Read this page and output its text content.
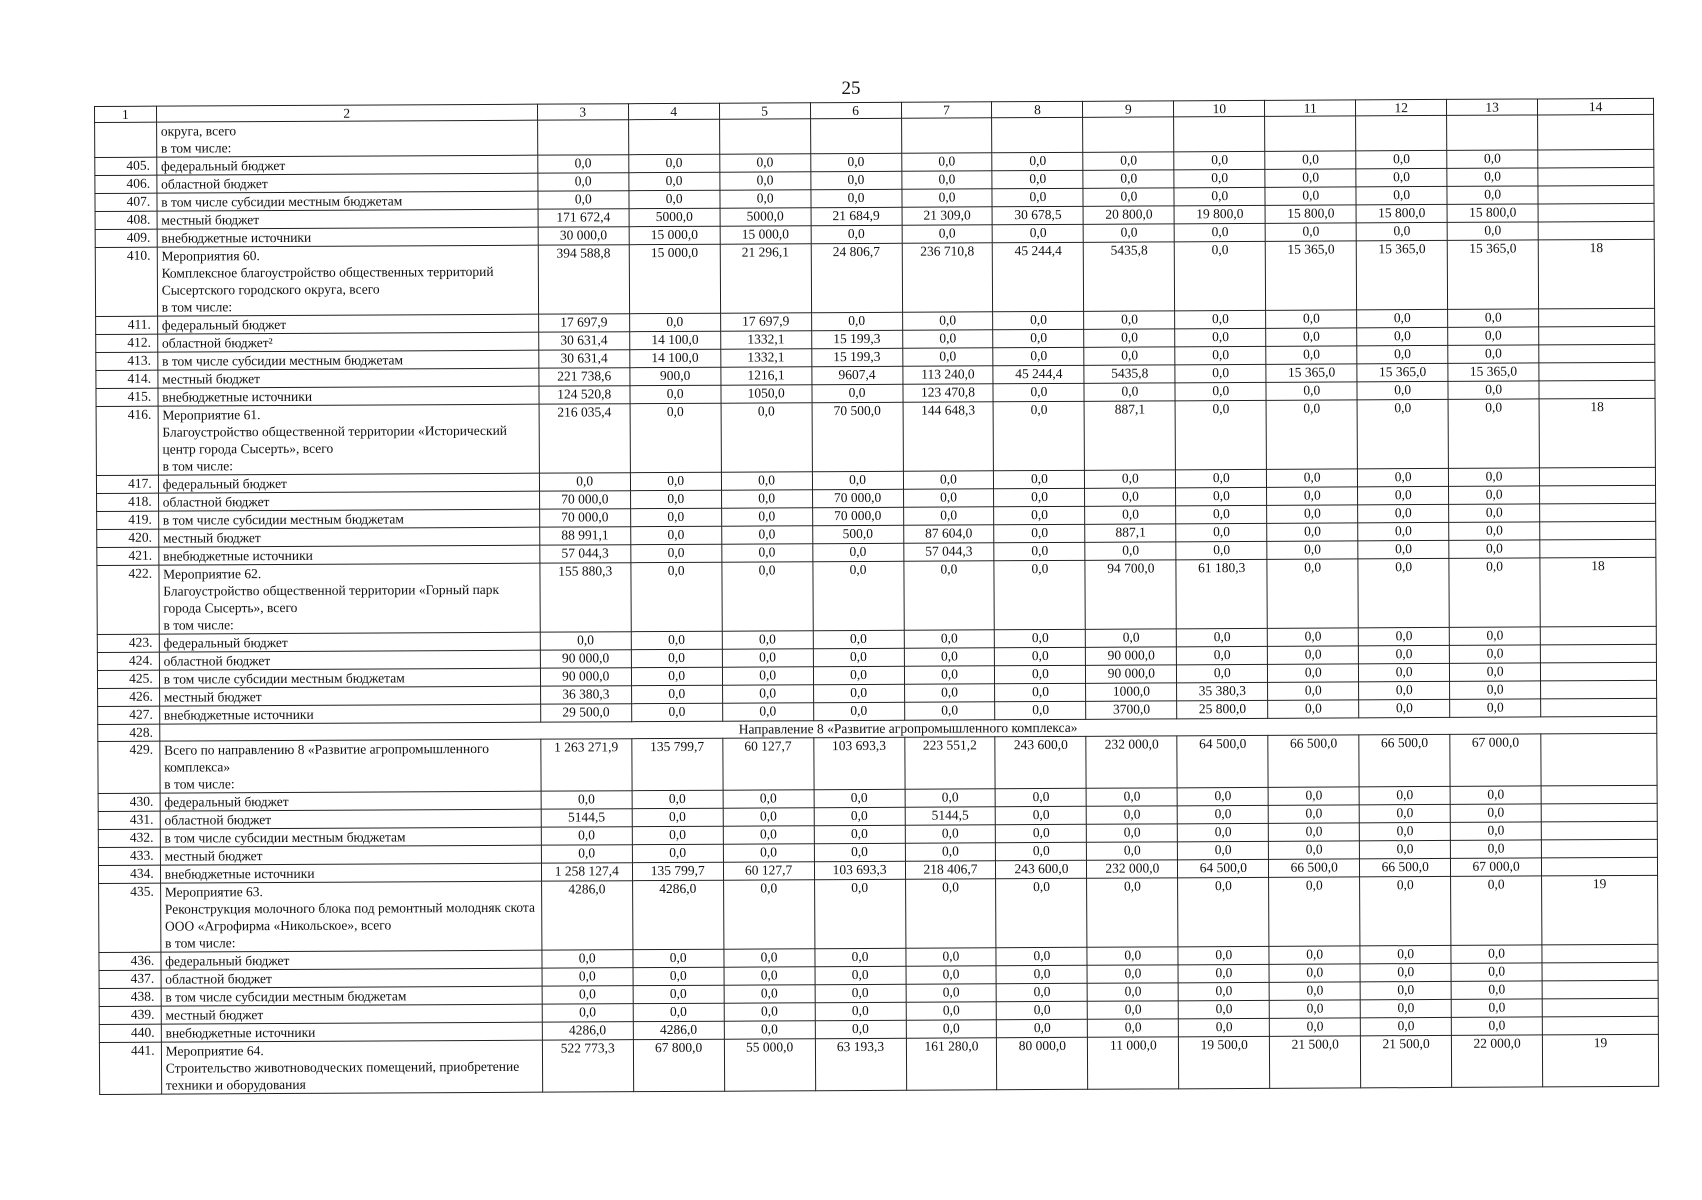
25
1	2	3	4	5	6	7	8	9	10	11	12	13	14
	округа, всего
в том числе:												
405.	федеральный бюджет	0,0	0,0	0,0	0,0	0,0	0,0	0,0	0,0	0,0	0,0	0,0	
406.	областной бюджет	0,0	0,0	0,0	0,0	0,0	0,0	0,0	0,0	0,0	0,0	0,0	
407.	в том числе субсидии местным бюджетам	0,0	0,0	0,0	0,0	0,0	0,0	0,0	0,0	0,0	0,0	0,0	
408.	местный бюджет	171 672,4	5000,0	5000,0	21 684,9	21 309,0	30 678,5	20 800,0	19 800,0	15 800,0	15 800,0	15 800,0	
409.	внебюджетные источники	30 000,0	15 000,0	15 000,0	0,0	0,0	0,0	0,0	0,0	0,0	0,0	0,0	
410.	Мероприятия 60.
Комплексное благоустройство общественных территорий Сысертского городского округа, всего
в том числе:	394 588,8	15 000,0	21 296,1	24 806,7	236 710,8	45 244,4	5435,8	0,0	15 365,0	15 365,0	15 365,0	18
411.	федеральный бюджет	17 697,9	0,0	17 697,9	0,0	0,0	0,0	0,0	0,0	0,0	0,0	0,0	
412.	областной бюджет²	30 631,4	14 100,0	1332,1	15 199,3	0,0	0,0	0,0	0,0	0,0	0,0	0,0	
413.	в том числе субсидии местным бюджетам	30 631,4	14 100,0	1332,1	15 199,3	0,0	0,0	0,0	0,0	0,0	0,0	0,0	
414.	местный бюджет	221 738,6	900,0	1216,1	9607,4	113 240,0	45 244,4	5435,8	0,0	15 365,0	15 365,0	15 365,0	
415.	внебюджетные источники	124 520,8	0,0	1050,0	0,0	123 470,8	0,0	0,0	0,0	0,0	0,0	0,0	
416.	Мероприятие 61.
Благоустройство общественной территории «Исторический центр города Сысерть», всего
в том числе:	216 035,4	0,0	0,0	70 500,0	144 648,3	0,0	887,1	0,0	0,0	0,0	0,0	18
417.	федеральный бюджет	0,0	0,0	0,0	0,0	0,0	0,0	0,0	0,0	0,0	0,0	0,0	
418.	областной бюджет	70 000,0	0,0	0,0	70 000,0	0,0	0,0	0,0	0,0	0,0	0,0	0,0	
419.	в том числе субсидии местным бюджетам	70 000,0	0,0	0,0	70 000,0	0,0	0,0	0,0	0,0	0,0	0,0	0,0	
420.	местный бюджет	88 991,1	0,0	0,0	500,0	87 604,0	0,0	887,1	0,0	0,0	0,0	0,0	
421.	внебюджетные источники	57 044,3	0,0	0,0	0,0	57 044,3	0,0	0,0	0,0	0,0	0,0	0,0	
422.	Мероприятие 62.
Благоустройство общественной территории «Горный парк города Сысерть», всего
в том числе:	155 880,3	0,0	0,0	0,0	0,0	0,0	94 700,0	61 180,3	0,0	0,0	0,0	18
423.	федеральный бюджет	0,0	0,0	0,0	0,0	0,0	0,0	0,0	0,0	0,0	0,0	0,0	
424.	областной бюджет	90 000,0	0,0	0,0	0,0	0,0	0,0	90 000,0	0,0	0,0	0,0	0,0	
425.	в том числе субсидии местным бюджетам	90 000,0	0,0	0,0	0,0	0,0	0,0	90 000,0	0,0	0,0	0,0	0,0	
426.	местный бюджет	36 380,3	0,0	0,0	0,0	0,0	0,0	1000,0	35 380,3	0,0	0,0	0,0	
427.	внебюджетные источники	29 500,0	0,0	0,0	0,0	0,0	0,0	3700,0	25 800,0	0,0	0,0	0,0	
428.	Направление 8 «Развитие агропромышленного комплекса»												
429.	Всего по направлению 8 «Развитие агропромышленного комплекса»
в том числе:	1 263 271,9	135 799,7	60 127,7	103 693,3	223 551,2	243 600,0	232 000,0	64 500,0	66 500,0	66 500,0	67 000,0	
430.	федеральный бюджет	0,0	0,0	0,0	0,0	0,0	0,0	0,0	0,0	0,0	0,0	0,0	
431.	областной бюджет	5144,5	0,0	0,0	0,0	5144,5	0,0	0,0	0,0	0,0	0,0	0,0	
432.	в том числе субсидии местным бюджетам	0,0	0,0	0,0	0,0	0,0	0,0	0,0	0,0	0,0	0,0	0,0	
433.	местный бюджет	0,0	0,0	0,0	0,0	0,0	0,0	0,0	0,0	0,0	0,0	0,0	
434.	внебюджетные источники	1 258 127,4	135 799,7	60 127,7	103 693,3	218 406,7	243 600,0	232 000,0	64 500,0	66 500,0	66 500,0	67 000,0	
435.	Мероприятие 63.
Реконструкция молочного блока под ремонтный молодняк скота ООО «Агрофирма «Никольское», всего
в том числе:	4286,0	4286,0	0,0	0,0	0,0	0,0	0,0	0,0	0,0	0,0	0,0	19
436.	федеральный бюджет	0,0	0,0	0,0	0,0	0,0	0,0	0,0	0,0	0,0	0,0	0,0	
437.	областной бюджет	0,0	0,0	0,0	0,0	0,0	0,0	0,0	0,0	0,0	0,0	0,0	
438.	в том числе субсидии местным бюджетам	0,0	0,0	0,0	0,0	0,0	0,0	0,0	0,0	0,0	0,0	0,0	
439.	местный бюджет	0,0	0,0	0,0	0,0	0,0	0,0	0,0	0,0	0,0	0,0	0,0	
440.	внебюджетные источники	4286,0	4286,0	0,0	0,0	0,0	0,0	0,0	0,0	0,0	0,0	0,0	
441.	Мероприятие 64.
Строительство животноводческих помещений, приобретение техники и оборудования	522 773,3	67 800,0	55 000,0	63 193,3	161 280,0	80 000,0	11 000,0	19 500,0	21 500,0	21 500,0	22 000,0	19
